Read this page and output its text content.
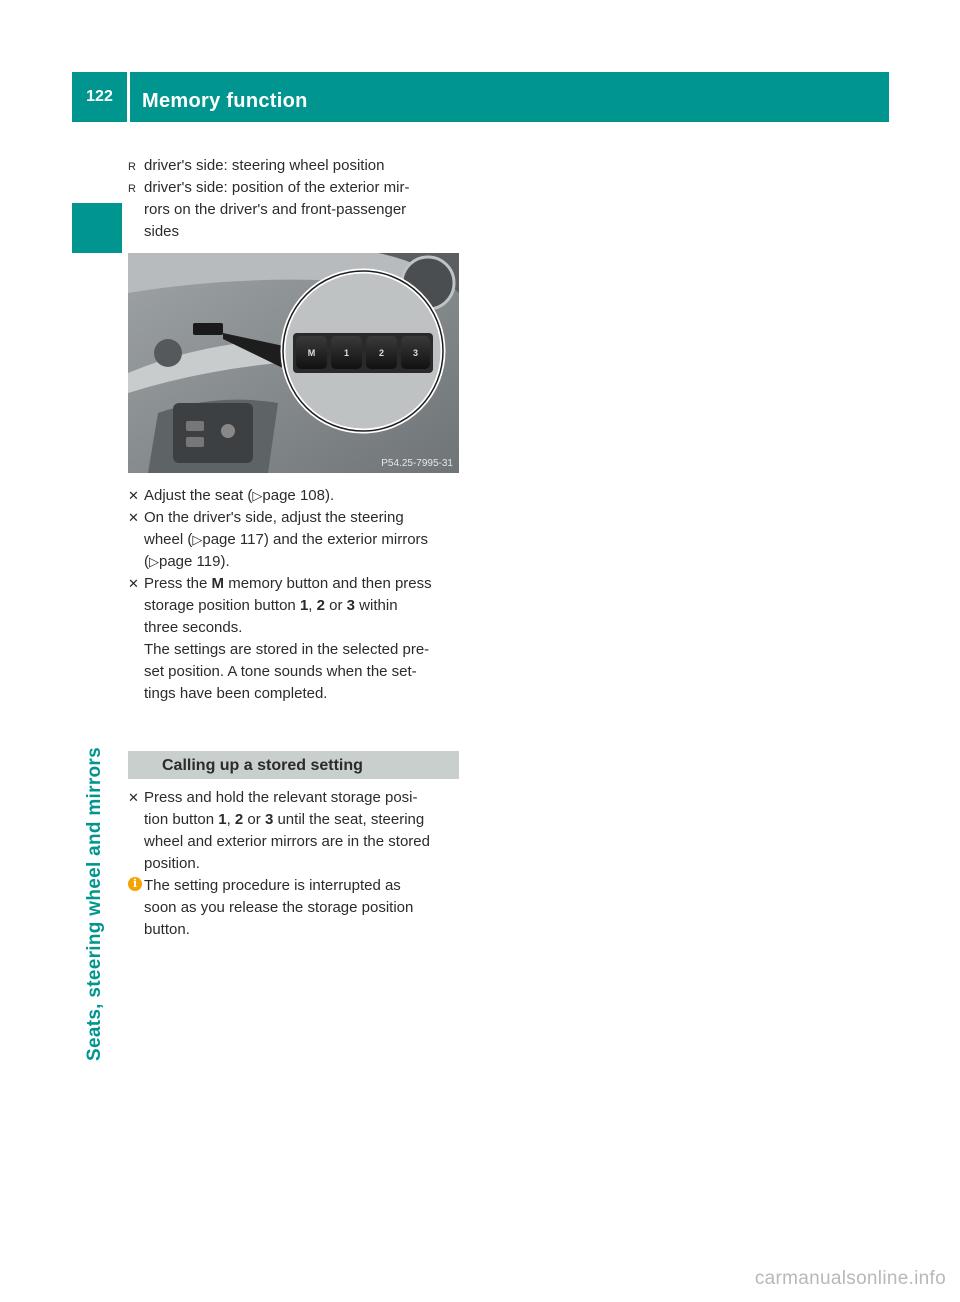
122	Memory function
Seats, steering wheel and mirrors
R driver's side: steering wheel position
R driver's side: position of the exterior mir-
rors on the driver's and front-passenger
sides
M	1	2	3
P54.25-7995-31
✕ Adjust the seat (▷page 108).
✕ On the driver's side, adjust the steering
wheel (▷page 117) and the exterior mirrors
(▷page 119).
✕ Press the M memory button and then press
storage position button 1, 2 or 3 within
three seconds.
The settings are stored in the selected pre-
set position. A tone sounds when the set-
tings have been completed.
Calling up a stored setting
✕ Press and hold the relevant storage posi-
tion button 1, 2 or 3 until the seat, steering
wheel and exterior mirrors are in the stored
position.
i The setting procedure is interrupted as
soon as you release the storage position
button.
carmanualsonline.info
